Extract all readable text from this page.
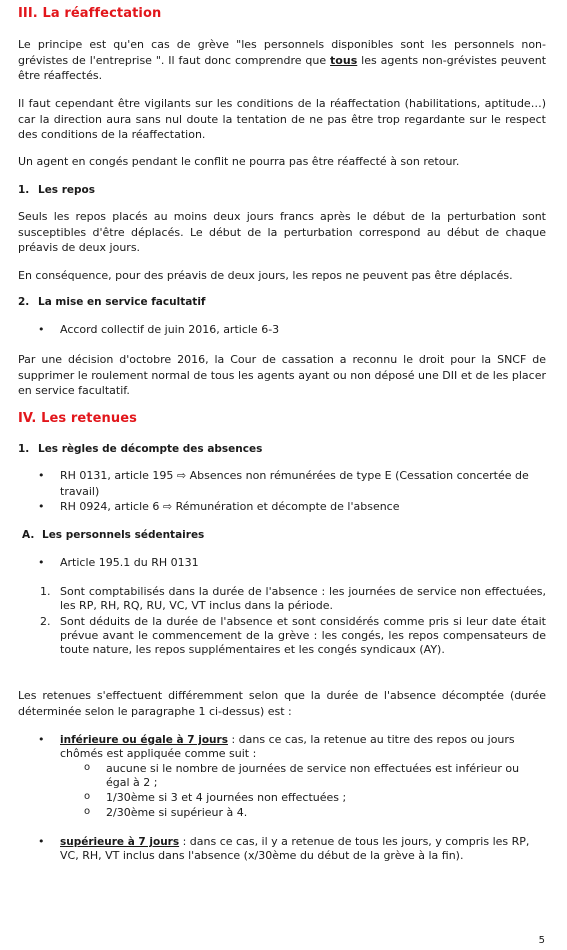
III. La réaffectation

Le principe est qu'en cas de grève "les personnels disponibles sont les personnels non-grévistes de l'entreprise ". Il faut donc comprendre que tous les agents non-grévistes peuvent être réaffectés.

Il faut cependant être vigilants sur les conditions de la réaffectation (habilitations, aptitude…) car la direction aura sans nul doute la tentation de ne pas être trop regardante sur le respect des conditions de la réaffectation.

Un agent en congés pendant le conflit ne pourra pas être réaffecté à son retour.

1. Les repos

Seuls les repos placés au moins deux jours francs après le début de la perturbation sont susceptibles d'être déplacés. Le début de la perturbation correspond au début de chaque préavis de deux jours.

En conséquence, pour des préavis de deux jours, les repos ne peuvent pas être déplacés.

2. La mise en service facultatif
• Accord collectif de juin 2016, article 6-3

Par une décision d'octobre 2016, la Cour de cassation a reconnu le droit pour la SNCF de supprimer le roulement normal de tous les agents ayant ou non déposé une DII et de les placer en service facultatif.

IV. Les retenues
1. Les règles de décompte des absences
• RH 0131, article 195 ⇨ Absences non rémunérées de type E (Cessation concertée de travail)
• RH 0924, article 6 ⇨ Rémunération et décompte de l'absence
A. Les personnels sédentaires
• Article 195.1 du RH 0131
1. Sont comptabilisés dans la durée de l'absence : les journées de service non effectuées, les RP, RH, RQ, RU, VC, VT inclus dans la période.
2. Sont déduits de la durée de l'absence et sont considérés comme pris si leur date était prévue avant le commencement de la grève : les congés, les repos compensateurs de toute nature, les repos supplémentaires et les congés syndicaux (AY).

Les retenues s'effectuent différemment selon que la durée de l'absence décomptée (durée déterminée selon le paragraphe 1 ci-dessus) est :

• inférieure ou égale à 7 jours : dans ce cas, la retenue au titre des repos ou jours chômés est appliquée comme suit :
o aucune si le nombre de journées de service non effectuées est inférieur ou égal à 2 ;
o 1/30ème si 3 et 4 journées non effectuées ;
o 2/30ème si supérieur à 4.
• supérieure à 7 jours : dans ce cas, il y a retenue de tous les jours, y compris les RP, VC, RH, VT inclus dans l'absence (x/30ème du début de la grève à la fin).
5
